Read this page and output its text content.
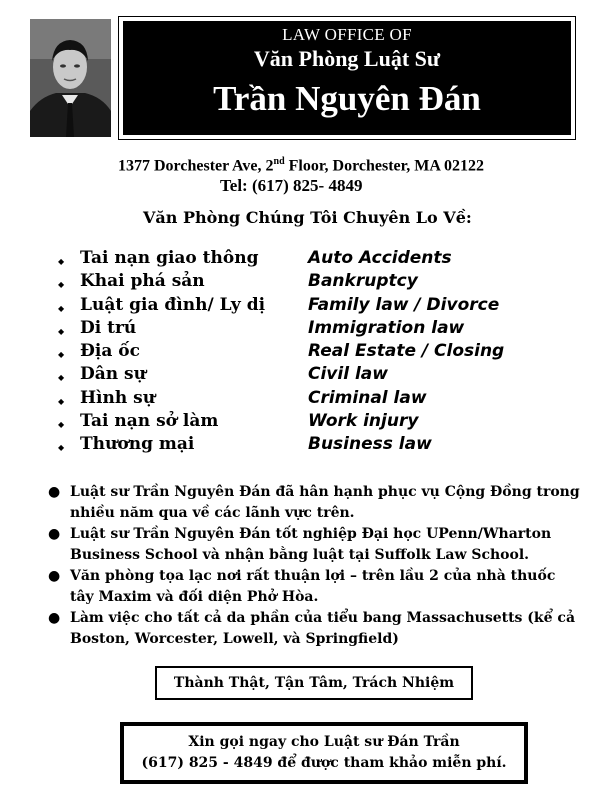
LAW OFFICE OF
Văn Phòng Luật Sư
Trần Nguyên Đán
1377 Dorchester Ave, 2nd Floor, Dorchester, MA 02122
Tel: (617) 825- 4849
Văn Phòng Chúng Tôi Chuyên Lo Về:
◆ Tai nạn giao thông	Auto Accidents
◆ Khai phá sản	Bankruptcy
◆ Luật gia đình/ Ly dị	Family law / Divorce
◆ Di trú	Immigration law
◆ Địa ốc	Real Estate / Closing
◆ Dân sự	Civil law
◆ Hình sự	Criminal law
◆ Tai nạn sở làm	Work injury
◆ Thương mại	Business law
● Luật sư Trần Nguyên Đán đã hân hạnh phục vụ Cộng Đồng trong nhiều năm qua về các lãnh vực trên.
● Luật sư Trần Nguyên Đán tốt nghiệp Đại học UPenn/Wharton Business School và nhận bằng luật tại Suffolk Law School.
● Văn phòng tọa lạc nơi rất thuận lợi – trên lầu 2 của nhà thuốc tây Maxim và đối diện Phở Hòa.
● Làm việc cho tất cả da phần của tiểu bang Massachusetts (kể cả Boston, Worcester, Lowell, và Springfield)
Thành Thật, Tận Tâm, Trách Nhiệm
Xin gọi ngay cho Luật sư Đán Trần
(617) 825 - 4849 để được tham khảo miễn phí.
